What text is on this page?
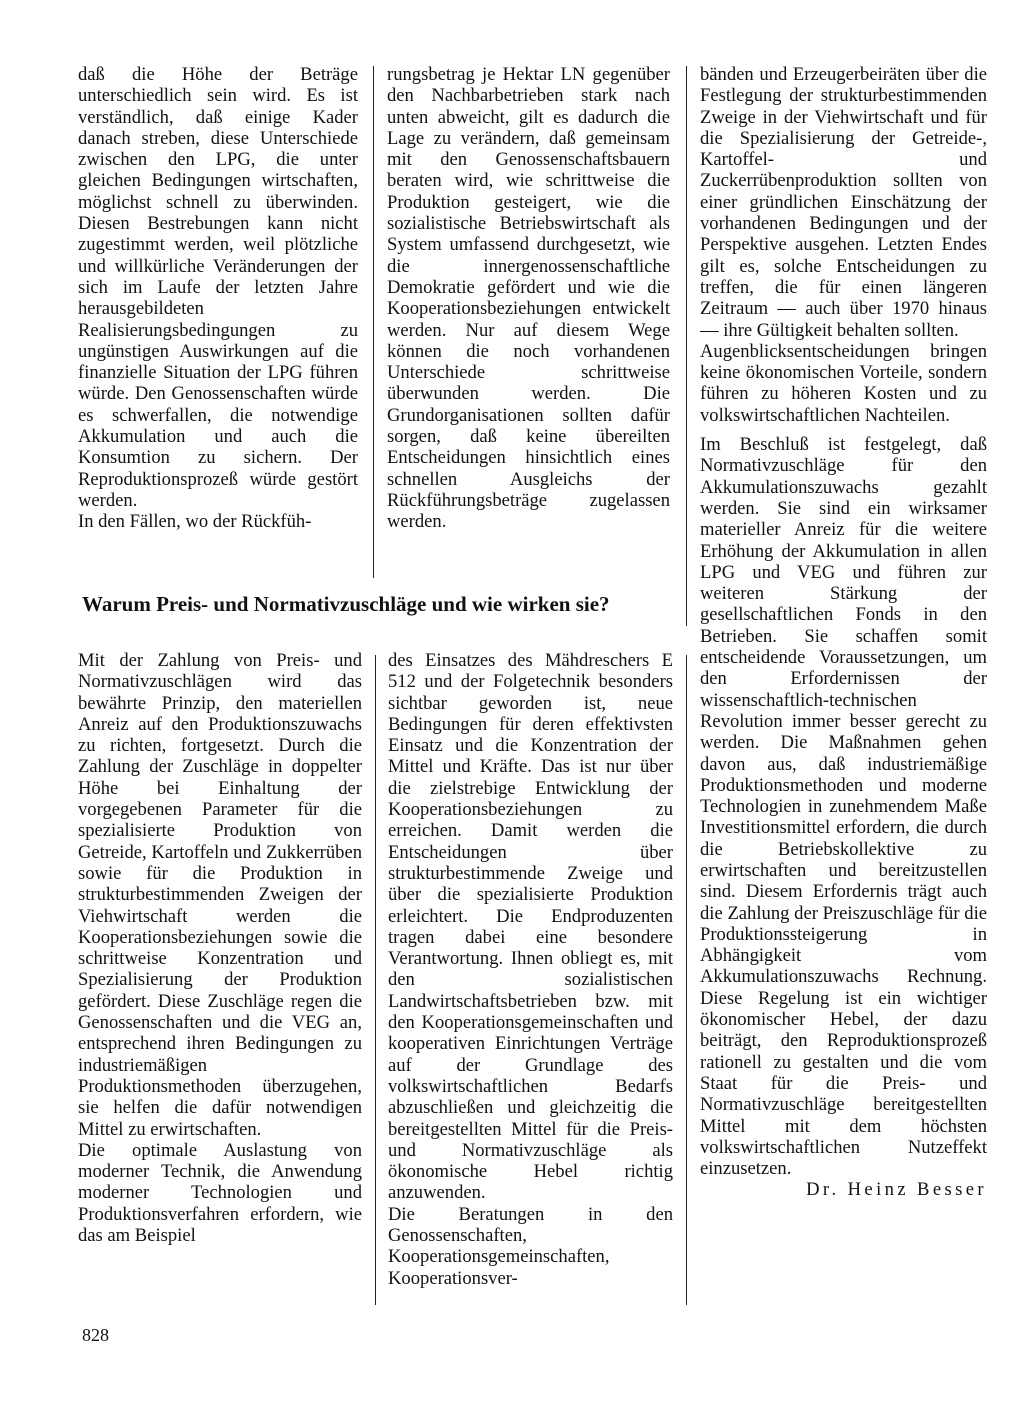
daß die Höhe der Beträge unterschiedlich sein wird. Es ist verständlich, daß einige Kader danach streben, diese Unterschiede zwischen den LPG, die unter gleichen Bedingungen wirtschaften, möglichst schnell zu überwinden. Diesen Bestrebungen kann nicht zugestimmt werden, weil plötzliche und willkürliche Veränderungen der sich im Laufe der letzten Jahre herausgebildeten Realisierungsbedingungen zu ungünstigen Auswirkungen auf die finanzielle Situation der LPG führen würde. Den Genossenschaften würde es schwerfallen, die notwendige Akkumulation und auch die Konsumtion zu sichern. Der Reproduktionsprozeß würde gestört werden.

In den Fällen, wo der Rückfüh-

rungsbetrag je Hektar LN gegenüber den Nachbarbetrieben stark nach unten abweicht, gilt es dadurch die Lage zu verändern, daß gemeinsam mit den Genossenschaftsbauern beraten wird, wie schrittweise die Produktion gesteigert, wie die sozialistische Betriebswirtschaft als System umfassend durchgesetzt, wie die innergenossenschaftliche Demokratie gefördert und wie die Kooperationsbeziehungen entwickelt werden. Nur auf diesem Wege können die noch vorhandenen Unterschiede schrittweise überwunden werden. Die Grundorganisationen sollten dafür sorgen, daß keine übereilten Entscheidungen hinsichtlich eines schnellen Ausgleichs der Rückführungsbeträge zugelassen werden.

Warum Preis- und Normativzuschläge und wie wirken sie?

Mit der Zahlung von Preis- und Normativzuschlägen wird das bewährte Prinzip, den materiellen Anreiz auf den Produktionszuwachs zu richten, fortgesetzt. Durch die Zahlung der Zuschläge in doppelter Höhe bei Einhaltung der vorgegebenen Parameter für die spezialisierte Produktion von Getreide, Kartoffeln und Zukkerrüben sowie für die Produktion in strukturbestimmenden Zweigen der Viehwirtschaft werden die Kooperationsbeziehungen sowie die schrittweise Konzentration und Spezialisierung der Produktion gefördert. Diese Zuschläge regen die Genossenschaften und die VEG an, entsprechend ihren Bedingungen zu industriemäßigen Produktionsmethoden überzugehen, sie helfen die dafür notwendigen Mittel zu erwirtschaften.

Die optimale Auslastung von moderner Technik, die Anwendung moderner Technologien und Produktionsverfahren erfordern, wie das am Beispiel

des Einsatzes des Mähdreschers E 512 und der Folgetechnik besonders sichtbar geworden ist, neue Bedingungen für deren effektivsten Einsatz und die Konzentration der Mittel und Kräfte. Das ist nur über die zielstrebige Entwicklung der Kooperationsbeziehungen zu erreichen. Damit werden die Entscheidungen über strukturbestimmende Zweige und über die spezialisierte Produktion erleichtert. Die Endproduzenten tragen dabei eine besondere Verantwortung. Ihnen obliegt es, mit den sozialistischen Landwirtschaftsbetrieben bzw. mit den Kooperationsgemeinschaften und kooperativen Einrichtungen Verträge auf der Grundlage des volkswirtschaftlichen Bedarfs abzuschließen und gleichzeitig die bereitgestellten Mittel für die Preis- und Normativzuschläge als ökonomische Hebel richtig anzuwenden.

Die Beratungen in den Genossenschaften, Kooperationsgemeinschaften, Kooperationsver-

bänden und Erzeugerbeiräten über die Festlegung der strukturbestimmenden Zweige in der Viehwirtschaft und für die Spezialisierung der Getreide-, Kartoffel- und Zuckerrübenproduktion sollten von einer gründlichen Einschätzung der vorhandenen Bedingungen und der Perspektive ausgehen. Letzten Endes gilt es, solche Entscheidungen zu treffen, die für einen längeren Zeitraum — auch über 1970 hinaus — ihre Gültigkeit behalten sollten.

Augenblicksentscheidungen bringen keine ökonomischen Vorteile, sondern führen zu höheren Kosten und zu volkswirtschaftlichen Nachteilen.

Im Beschluß ist festgelegt, daß Normativzuschläge für den Akkumulationszuwachs gezahlt werden. Sie sind ein wirksamer materieller Anreiz für die weitere Erhöhung der Akkumulation in allen LPG und VEG und führen zur weiteren Stärkung der gesellschaftlichen Fonds in den Betrieben. Sie schaffen somit entscheidende Voraussetzungen, um den Erfordernissen der wissenschaftlich-technischen Revolution immer besser gerecht zu werden. Die Maßnahmen gehen davon aus, daß industriemäßige Produktionsmethoden und moderne Technologien in zunehmendem Maße Investitionsmittel erfordern, die durch die Betriebskollektive zu erwirtschaften und bereitzustellen sind. Diesem Erfordernis trägt auch die Zahlung der Preiszuschläge für die Produktionssteigerung in Abhängigkeit vom Akkumulationszuwachs Rechnung. Diese Regelung ist ein wichtiger ökonomischer Hebel, der dazu beiträgt, den Reproduktionsprozeß rationell zu gestalten und die vom Staat für die Preis- und Normativzuschläge bereitgestellten Mittel mit dem höchsten volkswirtschaftlichen Nutzeffekt einzusetzen.

Dr. Heinz Besser
828
